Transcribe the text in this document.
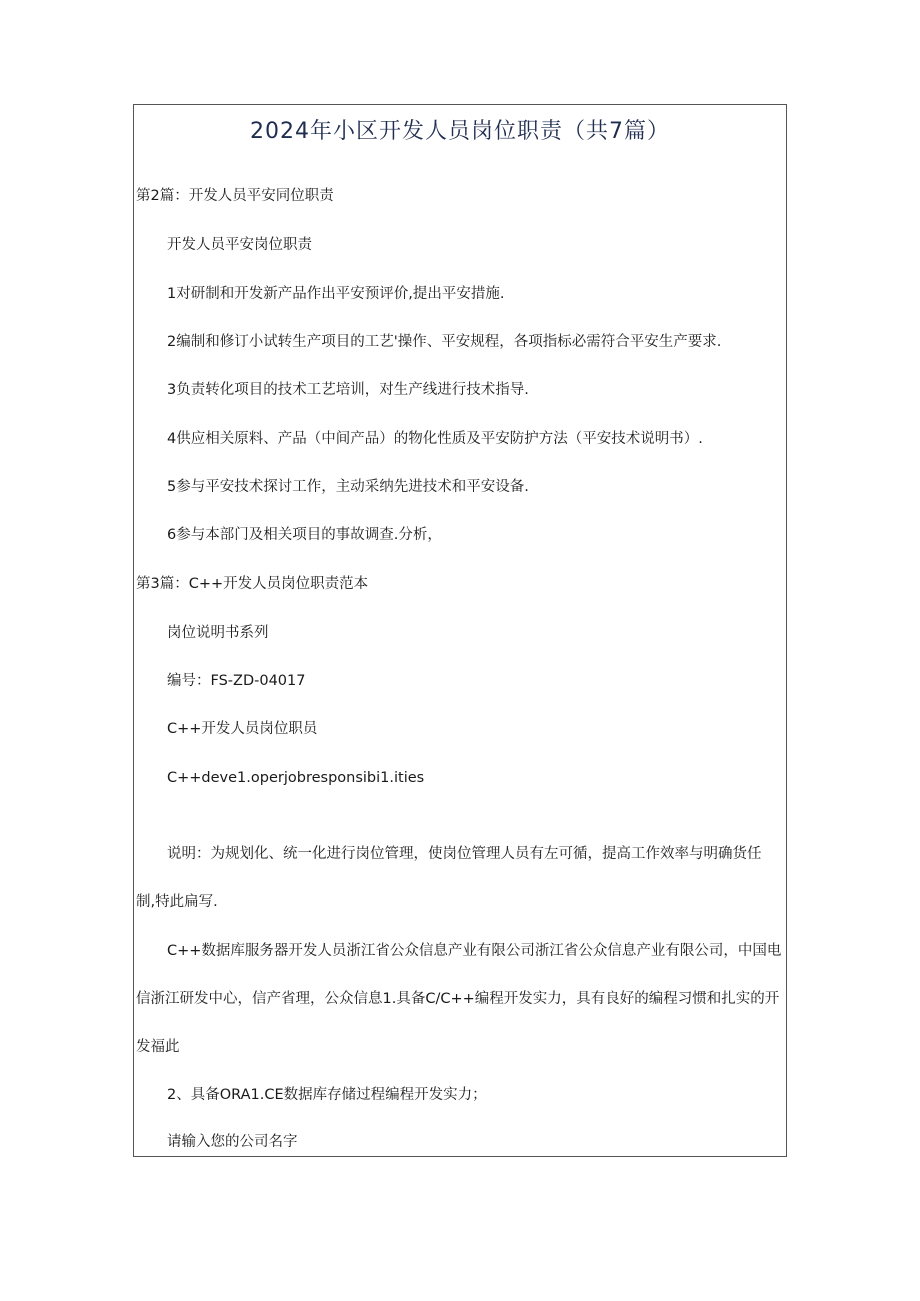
2024年小区开发人员岗位职责（共7篇）
第2篇：开发人员平安同位职责
开发人员平安岗位职责
1对研制和开发新产品作出平安预评价,提出平安措施.
2编制和修订小试转生产项目的工艺'操作、平安规程，各项指标必需符合平安生产要求.
3负责转化项目的技术工艺培训，对生产线进行技术指导.
4供应相关原料、产品（中间产品）的物化性质及平安防护方法（平安技术说明书）.
5参与平安技术探讨工作，主动采纳先进技术和平安设备.
6参与本部门及相关项目的事故调查.分析，
第3篇：C++开发人员岗位职责范本
岗位说明书系列
编号：FS-ZD-04017
C++开发人员岗位职员
C++deve1.operjobresponsibi1.ities
说明：为规划化、统一化进行岗位管理，使岗位管理人员有左可循，提高工作效率与明确货任
制,特此扁写.
C++数据库服务器开发人员浙江省公众信息产业有限公司浙江省公众信息产业有限公司，中国电
信浙江研发中心，信产省理，公众信息1.具备C/C++编程开发实力，具有良好的编程习惯和扎实的开
发福此
2、具备ORA1.CE数据库存储过程编程开发实力；
请输入您的公司名字
